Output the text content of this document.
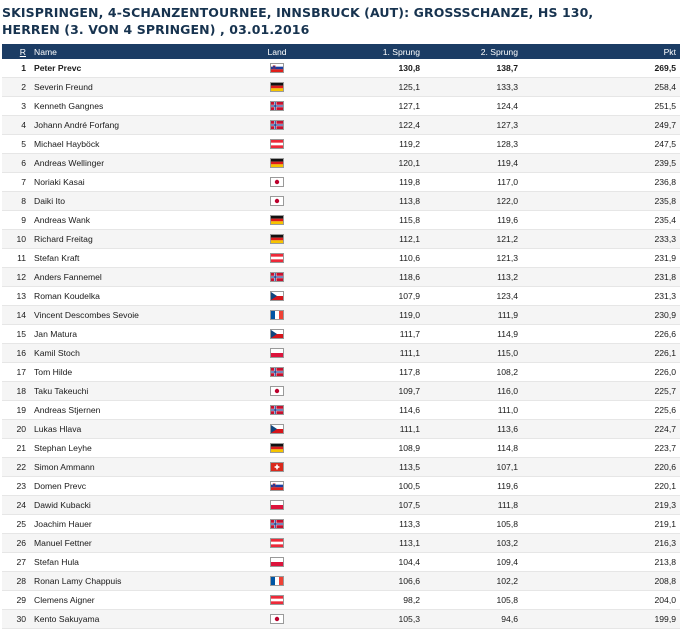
SKISPRINGEN, 4-SCHANZENTOURNEE, INNSBRUCK (AUT): GROSSSCHANZE, HS 130, HERREN (3. VON 4 SPRINGEN) , 03.01.2016
R	Name	Land	1. Sprung	2. Sprung	Pkt
1	Peter Prevc		130,8	138,7	269,5
2	Severin Freund		125,1	133,3	258,4
3	Kenneth Gangnes		127,1	124,4	251,5
4	Johann André Forfang		122,4	127,3	249,7
5	Michael Hayböck		119,2	128,3	247,5
6	Andreas Wellinger		120,1	119,4	239,5
7	Noriaki Kasai		119,8	117,0	236,8
8	Daiki Ito		113,8	122,0	235,8
9	Andreas Wank		115,8	119,6	235,4
10	Richard Freitag		112,1	121,2	233,3
11	Stefan Kraft		110,6	121,3	231,9
12	Anders Fannemel		118,6	113,2	231,8
13	Roman Koudelka		107,9	123,4	231,3
14	Vincent Descombes Sevoie		119,0	111,9	230,9
15	Jan Matura		111,7	114,9	226,6
16	Kamil Stoch		111,1	115,0	226,1
17	Tom Hilde		117,8	108,2	226,0
18	Taku Takeuchi		109,7	116,0	225,7
19	Andreas Stjernen		114,6	111,0	225,6
20	Lukas Hlava		111,1	113,6	224,7
21	Stephan Leyhe		108,9	114,8	223,7
22	Simon Ammann		113,5	107,1	220,6
23	Domen Prevc		100,5	119,6	220,1
24	Dawid Kubacki		107,5	111,8	219,3
25	Joachim Hauer		113,3	105,8	219,1
26	Manuel Fettner		113,1	103,2	216,3
27	Stefan Hula		104,4	109,4	213,8
28	Ronan Lamy Chappuis		106,6	102,2	208,8
29	Clemens Aigner		98,2	105,8	204,0
30	Kento Sakuyama		105,3	94,6	199,9
